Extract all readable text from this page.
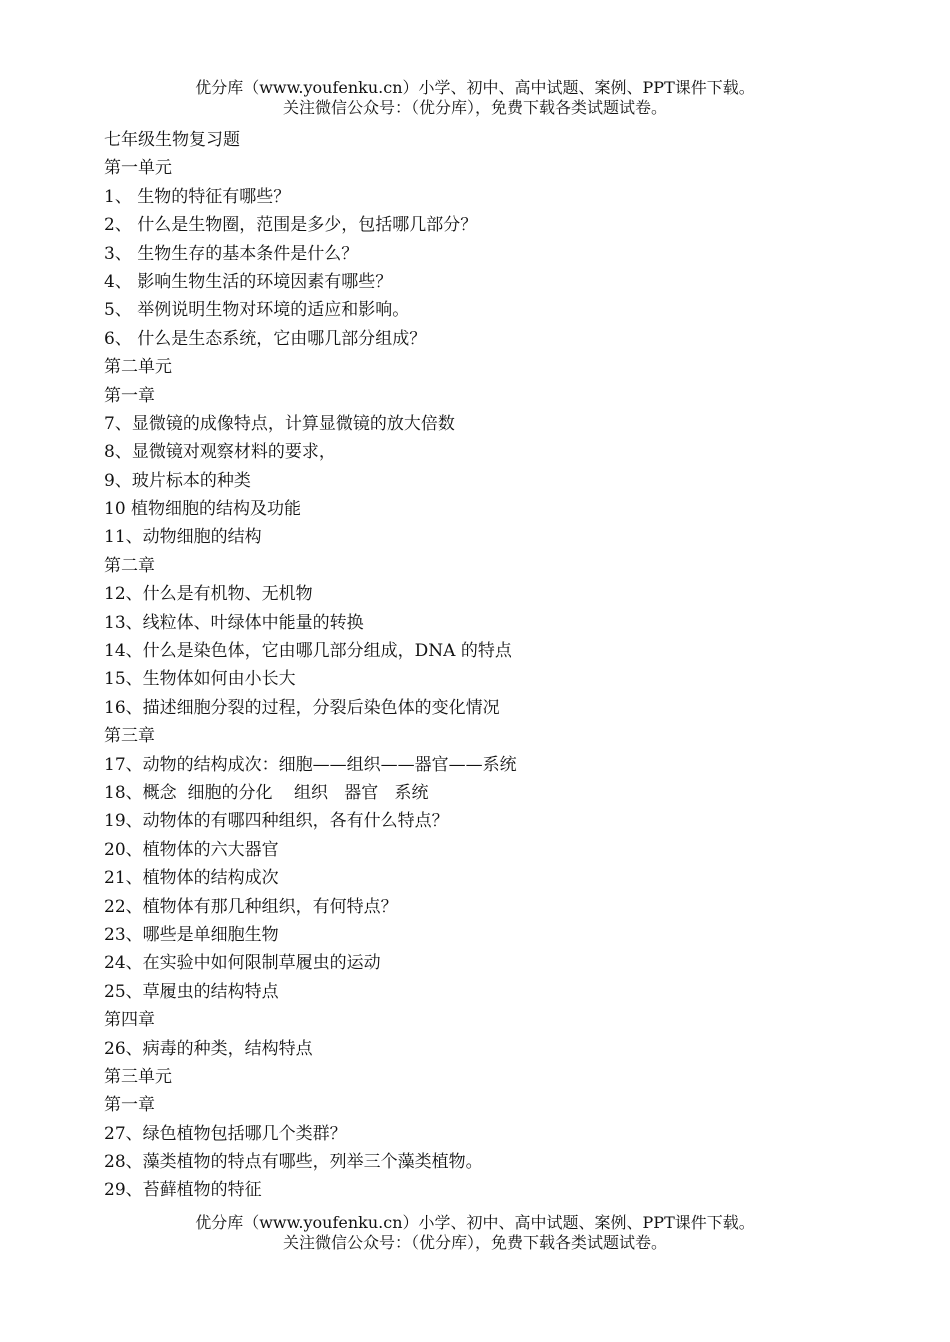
优分库（www.youfenku.cn）小学、初中、高中试题、案例、PPT课件下载。
关注微信公众号：（优分库），免费下载各类试题试卷。
七年级生物复习题
第一单元
1、 生物的特征有哪些？
2、 什么是生物圈，范围是多少，包括哪几部分？
3、 生物生存的基本条件是什么？
4、 影响生物生活的环境因素有哪些？
5、 举例说明生物对环境的适应和影响。
6、 什么是生态系统，它由哪几部分组成？
第二单元
第一章
7、显微镜的成像特点，计算显微镜的放大倍数
8、显微镜对观察材料的要求，
9、玻片标本的种类
10 植物细胞的结构及功能
11、动物细胞的结构
第二章
12、什么是有机物、无机物
13、线粒体、叶绿体中能量的转换
14、什么是染色体，它由哪几部分组成，DNA 的特点
15、生物体如何由小长大
16、描述细胞分裂的过程，分裂后染色体的变化情况
第三章
17、动物的结构成次：细胞——组织——器官——系统
18、概念  细胞的分化    组织   器官   系统
19、动物体的有哪四种组织，各有什么特点？
20、植物体的六大器官
21、植物体的结构成次
22、植物体有那几种组织，有何特点？
23、哪些是单细胞生物
24、在实验中如何限制草履虫的运动
25、草履虫的结构特点
第四章
26、病毒的种类，结构特点
第三单元
第一章
27、绿色植物包括哪几个类群？
28、藻类植物的特点有哪些，列举三个藻类植物。
29、苔藓植物的特征
优分库（www.youfenku.cn）小学、初中、高中试题、案例、PPT课件下载。
关注微信公众号：（优分库），免费下载各类试题试卷。
